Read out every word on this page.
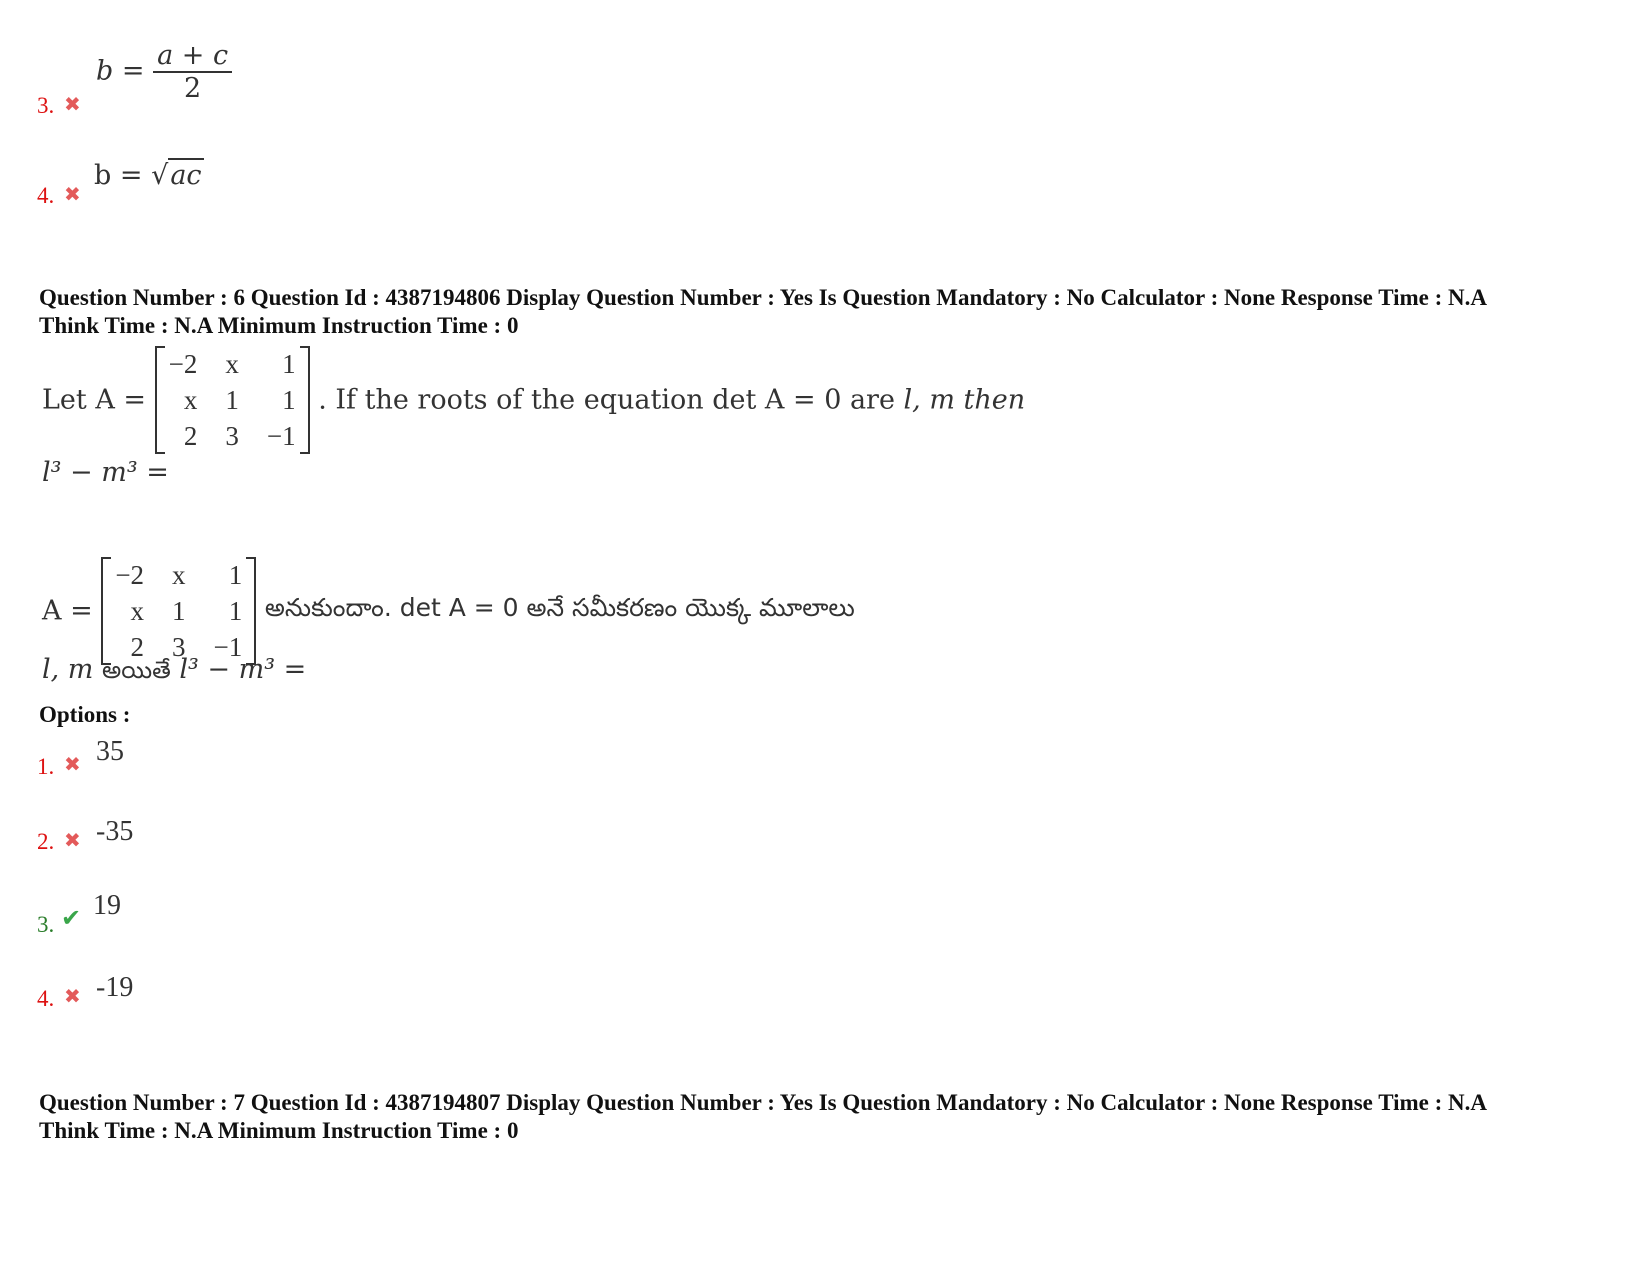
3. ✖
$b = \frac{a + c}{2}$
4. ✖
b = √ac
Question Number : 6 Question Id : 4387194806 Display Question Number : Yes Is Question Mandatory : No Calculator : None Response Time : N.A
Think Time : N.A Minimum Instruction Time : 0
Let A =
−2	x	1
x	1	1
2	3	−1
. If the roots of the equation det A = 0 are l, m then
l³ − m³ =
A =
−2	x	1
x	1	1
2	3	−1
అనుకుందాం. det A = 0 అనే సమీకరణం యొక్క మూలాలు
l, m అయితే l³ − m³ =
Options :
1. ✖ 35
2. ✖ -35
3. ✔ 19
4. ✖ -19
Question Number : 7 Question Id : 4387194807 Display Question Number : Yes Is Question Mandatory : No Calculator : None Response Time : N.A
Think Time : N.A Minimum Instruction Time : 0
